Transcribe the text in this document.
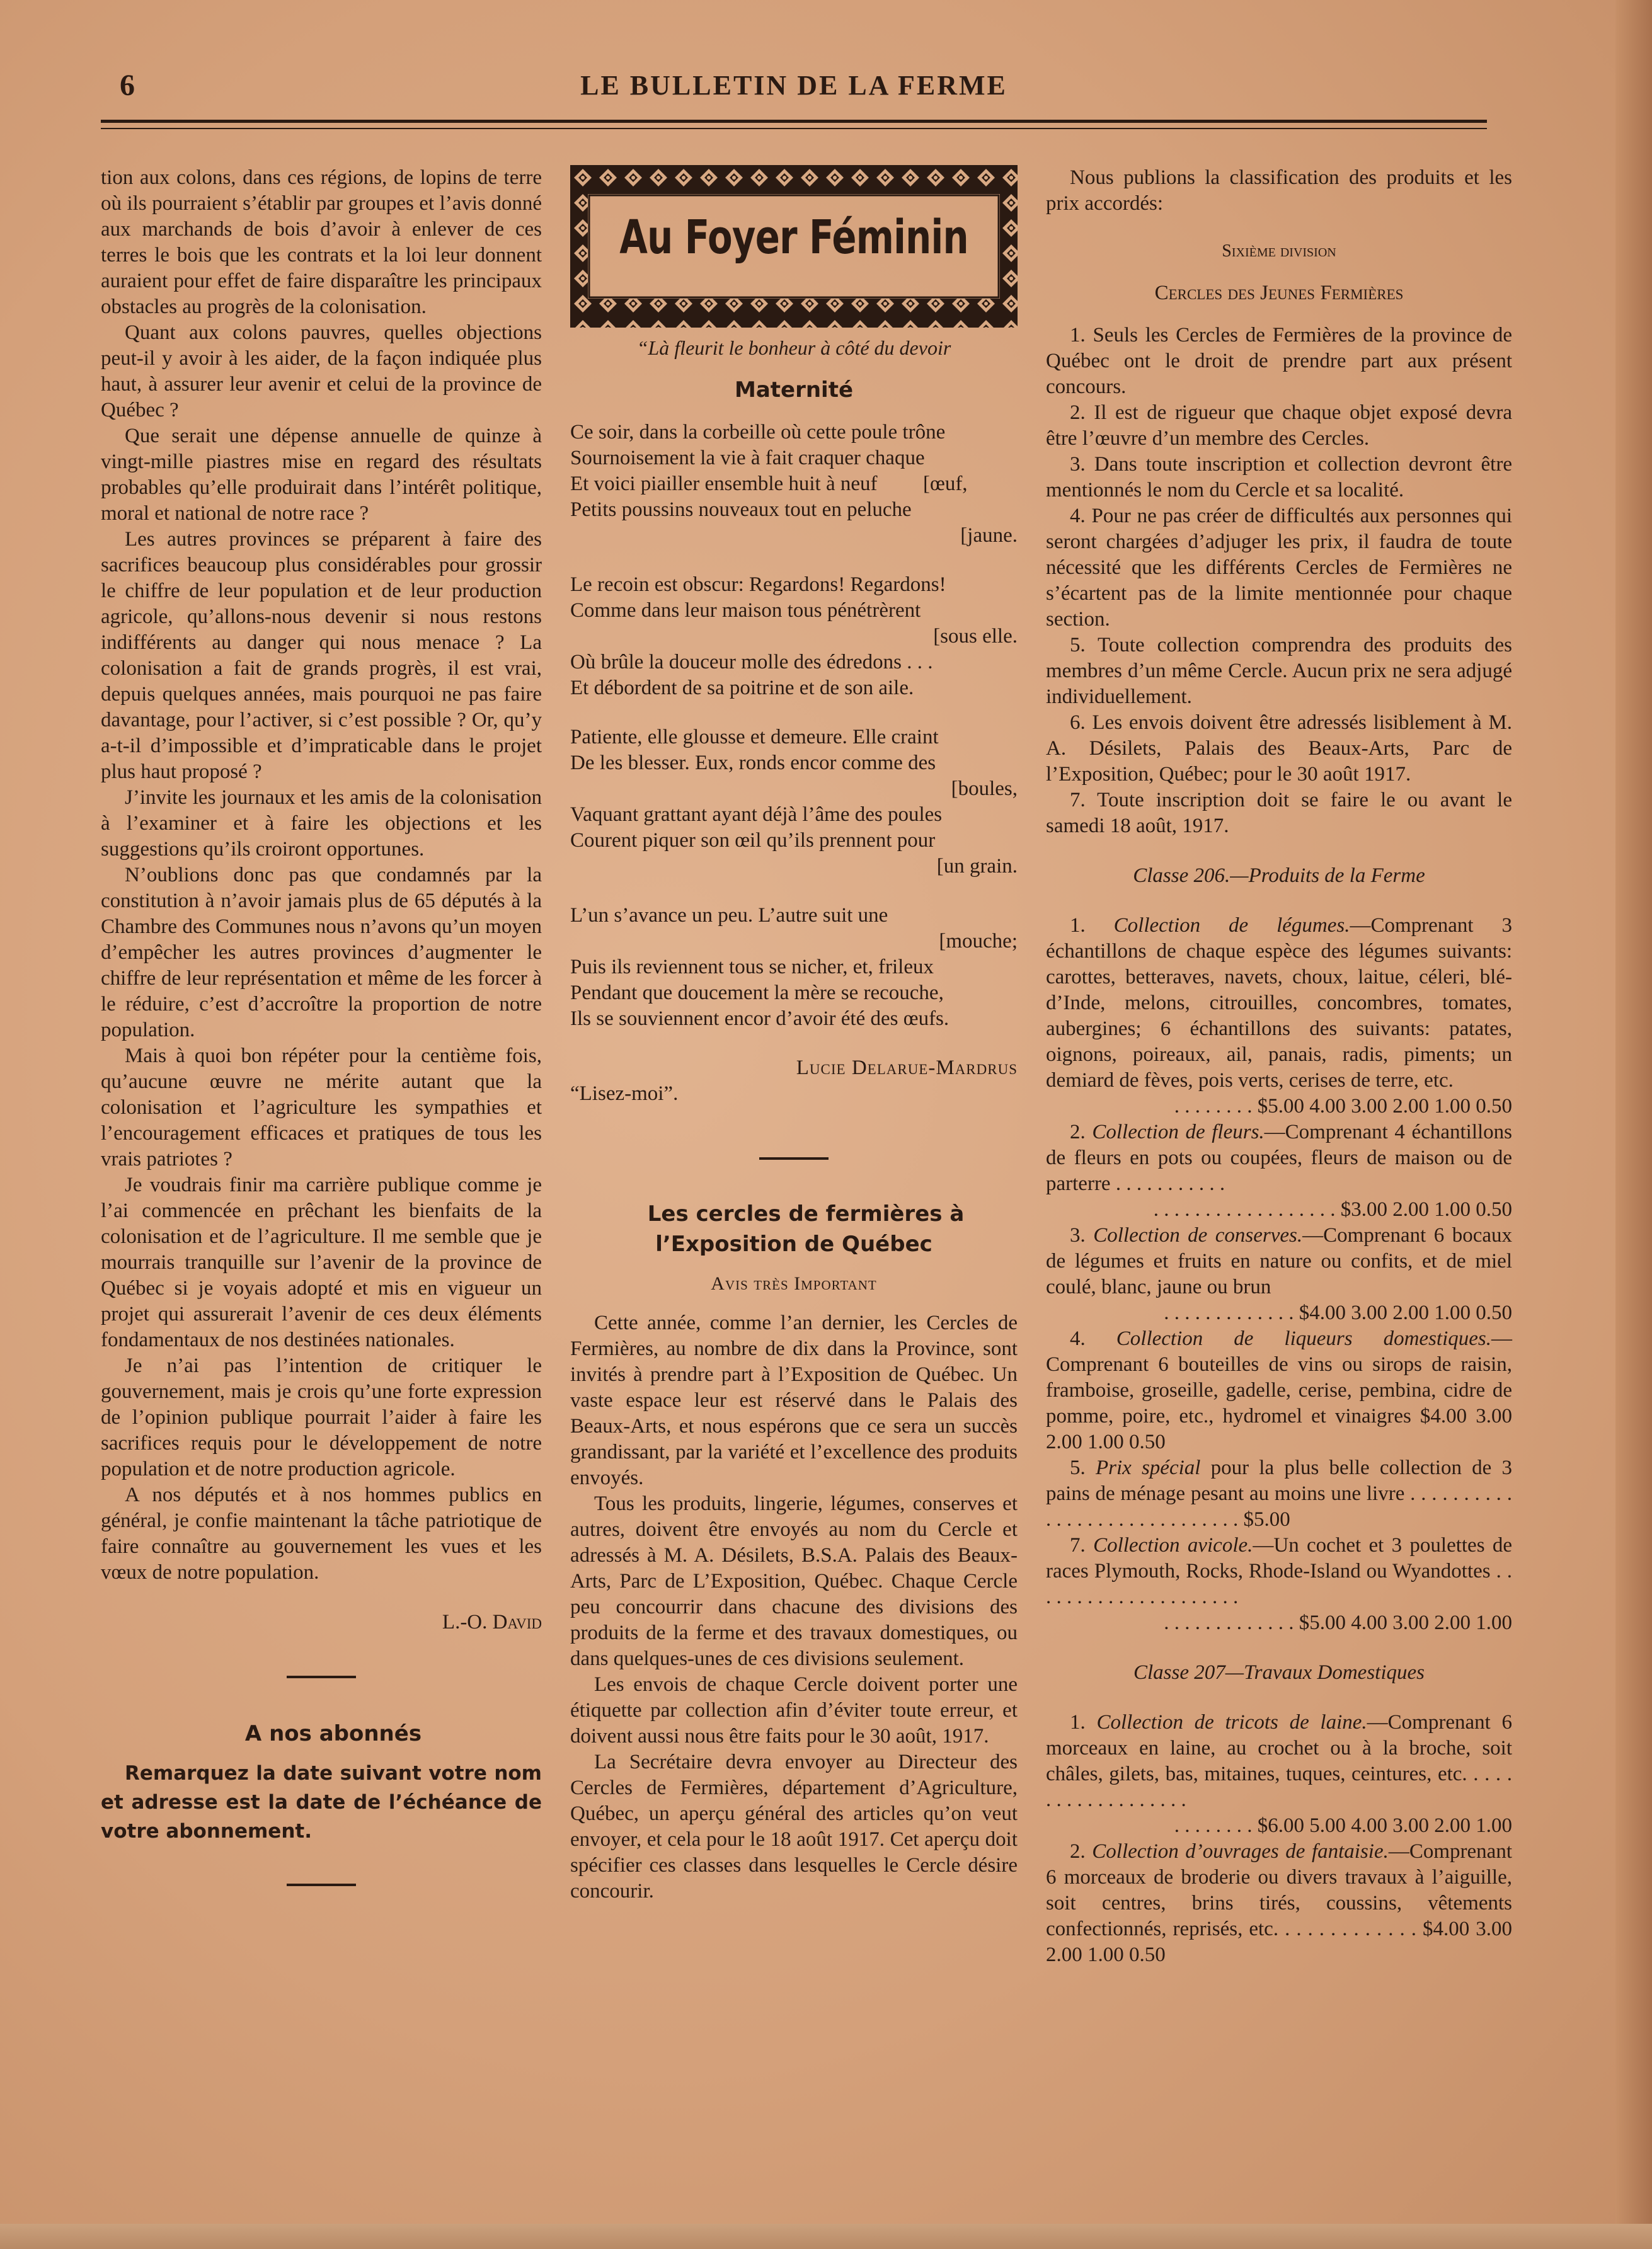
6	LE BULLETIN DE LA FERME

tion aux colons, dans ces régions, de lopins de terre où ils pourraient s’établir par groupes et l’avis donné aux marchands de bois d’avoir à enlever de ces terres le bois que les contrats et la loi leur donnent auraient pour effet de faire disparaître les principaux obstacles au progrès de la colonisation.

Quant aux colons pauvres, quelles objections peut-il y avoir à les aider, de la façon indiquée plus haut, à assurer leur avenir et celui de la province de Québec ?

Que serait une dépense annuelle de quinze à vingt-mille piastres mise en regard des résultats probables qu’elle produirait dans l’intérêt politique, moral et national de notre race ?

Les autres provinces se préparent à faire des sacrifices beaucoup plus considérables pour grossir le chiffre de leur population et de leur production agricole, qu’allons-nous devenir si nous restons indifférents au danger qui nous menace ? La colonisation a fait de grands progrès, il est vrai, depuis quelques années, mais pourquoi ne pas faire davantage, pour l’activer, si c’est possible ? Or, qu’y a-t-il d’impossible et d’impraticable dans le projet plus haut proposé ?

J’invite les journaux et les amis de la colonisation à l’examiner et à faire les objections et les suggestions qu’ils croiront opportunes.

N’oublions donc pas que condamnés par la constitution à n’avoir jamais plus de 65 députés à la Chambre des Communes nous n’avons qu’un moyen d’empêcher les autres provinces d’augmenter le chiffre de leur représentation et même de les forcer à le réduire, c’est d’accroître la proportion de notre population.

Mais à quoi bon répéter pour la centième fois, qu’aucune œuvre ne mérite autant que la colonisation et l’agriculture les sympathies et l’encouragement efficaces et pratiques de tous les vrais patriotes ?

Je voudrais finir ma carrière publique comme je l’ai commencée en prêchant les bienfaits de la colonisation et de l’agriculture. Il me semble que je mourrais tranquille sur l’avenir de la province de Québec si je voyais adopté et mis en vigueur un projet qui assurerait l’avenir de ces deux éléments fondamentaux de nos destinées nationales.

Je n’ai pas l’intention de critiquer le gouvernement, mais je crois qu’une forte expression de l’opinion publique pourrait l’aider à faire les sacrifices requis pour le développement de notre population et de notre production agricole.

A nos députés et à nos hommes publics en général, je confie maintenant la tâche patriotique de faire connaître au gouvernement les vues et les vœux de notre population.

L.-O. David

A nos abonnés

Remarquez la date suivant votre nom et adresse est la date de l’échéance de votre abonnement.

Au Foyer Féminin

“Là fleurit le bonheur à côté du devoir

Maternité
Ce soir, dans la corbeille où cette poule trône
Sournoisement la vie à fait craquer chaque
Et voici piailler ensemble huit à neuf [œuf,
Petits poussins nouveaux tout en peluche
[jaune.
Le recoin est obscur: Regardons! Regardons!
Comme dans leur maison tous pénétrèrent
[sous elle.
Où brûle la douceur molle des édredons . . .
Et débordent de sa poitrine et de son aile.
Patiente, elle glousse et demeure. Elle craint
De les blesser. Eux, ronds encor comme des
[boules,
Vaquant grattant ayant déjà l’âme des poules
Courent piquer son œil qu’ils prennent pour
[un grain.
L’un s’avance un peu. L’autre suit une
[mouche;
Puis ils reviennent tous se nicher, et, frileux
Pendant que doucement la mère se recouche,
Ils se souviennent encor d’avoir été des œufs.
Lucie Delarue-Mardrus
“Lisez-moi”.

Les cercles de fermières à l’Exposition de Québec

Avis très Important

Cette année, comme l’an dernier, les Cercles de Fermières, au nombre de dix dans la Province, sont invités à prendre part à l’Exposition de Québec. Un vaste espace leur est réservé dans le Palais des Beaux-Arts, et nous espérons que ce sera un succès grandissant, par la variété et l’excellence des produits envoyés.

Tous les produits, lingerie, légumes, conserves et autres, doivent être envoyés au nom du Cercle et adressés à M. A. Désilets, B.S.A. Palais des Beaux-Arts, Parc de L’Exposition, Québec. Chaque Cercle peu concourrir dans chacune des divisions des produits de la ferme et des travaux domestiques, ou dans quelques-unes de ces divisions seulement.

Les envois de chaque Cercle doivent porter une étiquette par collection afin d’éviter toute erreur, et doivent aussi nous être faits pour le 30 août, 1917.

La Secrétaire devra envoyer au Directeur des Cercles de Fermières, département d’Agriculture, Québec, un aperçu général des articles qu’on veut envoyer, et cela pour le 18 août 1917. Cet aperçu doit spécifier ces classes dans lesquelles le Cercle désire concourir.

Nous publions la classification des produits et les prix accordés:

Sixième division

Cercles des Jeunes Fermières

1. Seuls les Cercles de Fermières de la province de Québec ont le droit de prendre part aux présent concours.

2. Il est de rigueur que chaque objet exposé devra être l’œuvre d’un membre des Cercles.

3. Dans toute inscription et collection devront être mentionnés le nom du Cercle et sa localité.

4. Pour ne pas créer de difficultés aux personnes qui seront chargées d’adjuger les prix, il faudra de toute nécessité que les différents Cercles de Fermières ne s’écartent pas de la limite mentionnée pour chaque section.

5. Toute collection comprendra des produits des membres d’un même Cercle. Aucun prix ne sera adjugé individuellement.

6. Les envois doivent être adressés lisiblement à M. A. Désilets, Palais des Beaux-Arts, Parc de l’Exposition, Québec; pour le 30 août 1917.

7. Toute inscription doit se faire le ou avant le samedi 18 août, 1917.

Classe 206.—Produits de la Ferme

1. Collection de légumes.—Comprenant 3 échantillons de chaque espèce des légumes suivants: carottes, betteraves, navets, choux, laitue, céleri, blé-d’Inde, melons, citrouilles, concombres, tomates, aubergines; 6 échantillons des suivants: patates, oignons, poireaux, ail, panais, radis, piments; un demiard de fèves, pois verts, cerises de terre, etc.

. . . . . . . . $5.00 4.00 3.00 2.00 1.00 0.50

2. Collection de fleurs.—Comprenant 4 échantillons de fleurs en pots ou coupées, fleurs de maison ou de parterre . . . . . . . . . . .

. . . . . . . . . . . . . . . . . . $3.00 2.00 1.00 0.50

3. Collection de conserves.—Comprenant 6 bocaux de légumes et fruits en nature ou confits, et de miel coulé, blanc, jaune ou brun

. . . . . . . . . . . . . $4.00 3.00 2.00 1.00 0.50

4. Collection de liqueurs domestiques.—Comprenant 6 bouteilles de vins ou sirops de raisin, framboise, groseille, gadelle, cerise, pembina, cidre de pomme, poire, etc., hydromel et vinaigres $4.00 3.00 2.00 1.00 0.50

5. Prix spécial pour la plus belle collection de 3 pains de ménage pesant au moins une livre . . . . . . . . . . . . . . . . . . . . . . . . . . . . . $5.00

7. Collection avicole.—Un cochet et 3 poulettes de races Plymouth, Rocks, Rhode-Island ou Wyandottes . . . . . . . . . . . . . . . . . . . . .

. . . . . . . . . . . . . $5.00 4.00 3.00 2.00 1.00

Classe 207—Travaux Domestiques

1. Collection de tricots de laine.—Comprenant 6 morceaux en laine, au crochet ou à la broche, soit châles, gilets, bas, mitaines, tuques, ceintures, etc. . . . . . . . . . . . . . . . . . .

. . . . . . . . $6.00 5.00 4.00 3.00 2.00 1.00

2. Collection d’ouvrages de fantaisie.—Comprenant 6 morceaux de broderie ou divers travaux à l’aiguille, soit centres, brins tirés, coussins, vêtements confectionnés, reprisés, etc. . . . . . . . . . . . . $4.00 3.00 2.00 1.00 0.50
